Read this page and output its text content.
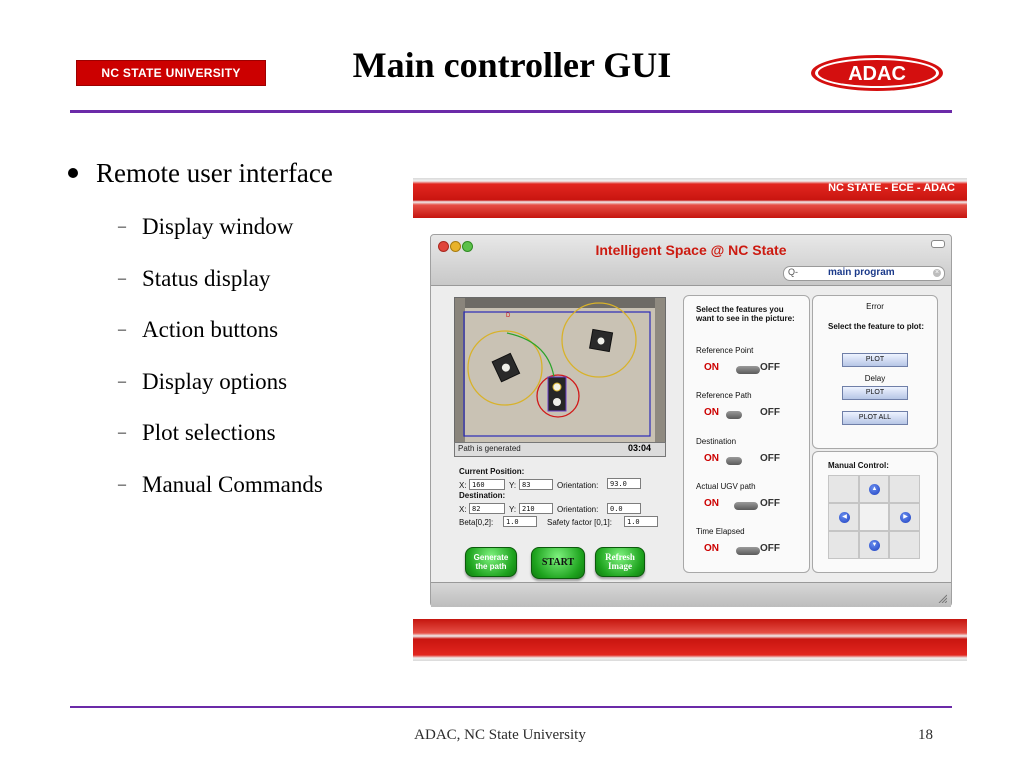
NC STATE UNIVERSITY	Main controller GUI	ADAC
Remote user interface
– Display window
– Status display
– Action buttons
– Display options
– Plot selections
– Manual Commands
NC STATE - ECE - ADAC
Intelligent Space @ NC State
Q-	main program	×
D
Path is generated	03:04
Current Position:
X: 160	Y: 83	Orientation:	93.0
Destination:
X: 82	Y: 210	Orientation:	0.0
Beta[0,2]:	1.0	Safety factor [0,1]:	1.0
Generate
the path	START	Refresh
Image
Select the features you want to see in the picture:
Reference Point
ON	OFF
Reference Path
ON	OFF
Destination
ON	OFF
Actual UGV path
ON	OFF
Time Elapsed
ON	OFF
Error
Select the feature to plot:
PLOT
Delay
PLOT
PLOT ALL
Manual Control:
▲
◀	▶
▼
ADAC, NC State University	18
